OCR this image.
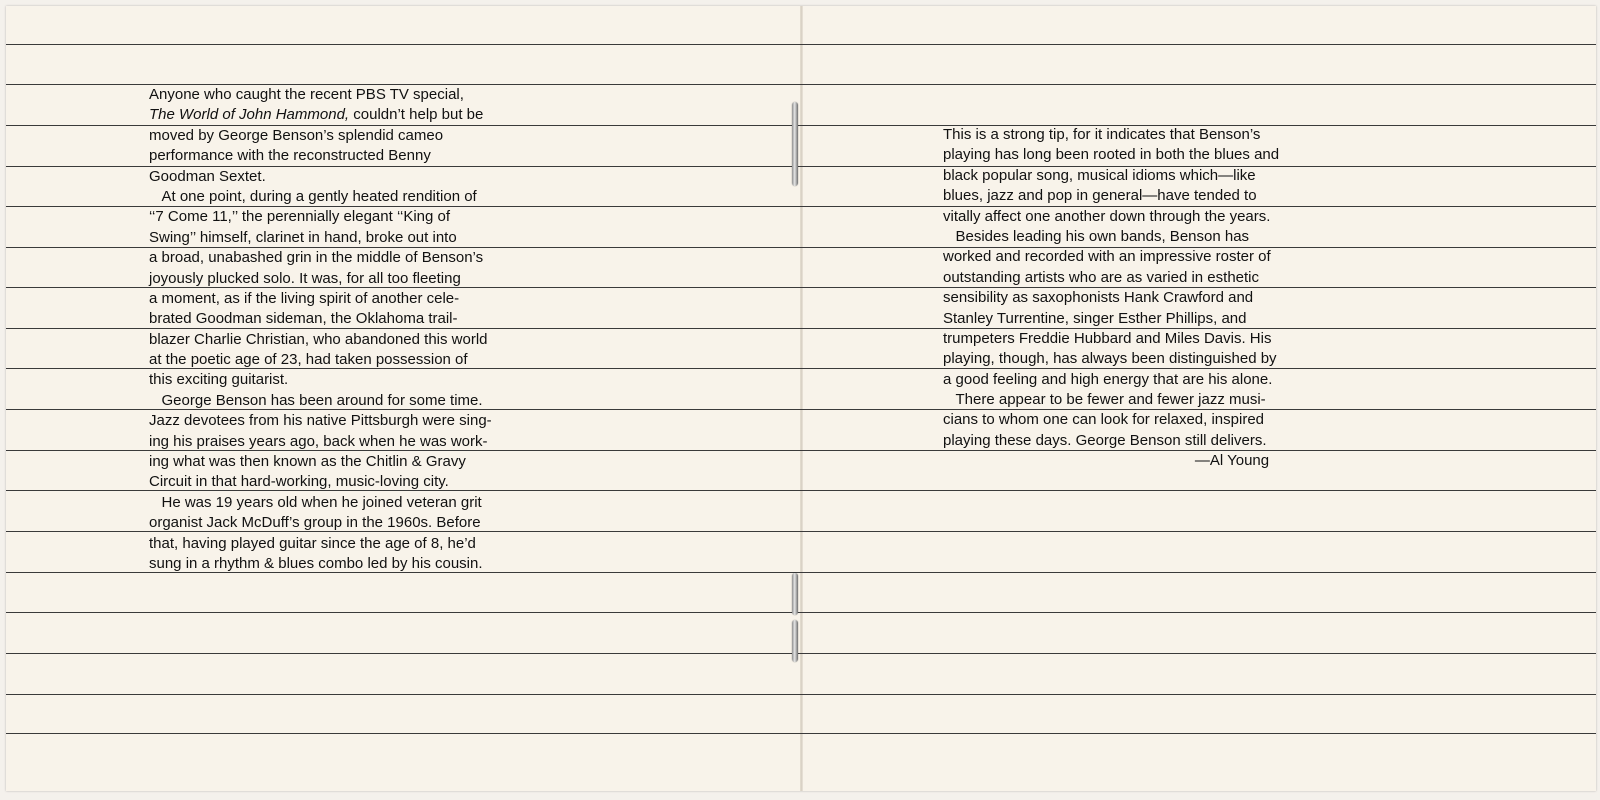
Anyone who caught the recent PBS TV special,
The World of John Hammond, couldn’t help but be
moved by George Benson’s splendid cameo
performance with the reconstructed Benny
Goodman Sextet.
At one point, during a gently heated rendition of
‘‘7 Come 11,’’ the perennially elegant ‘‘King of
Swing’’ himself, clarinet in hand, broke out into
a broad, unabashed grin in the middle of Benson’s
joyously plucked solo. It was, for all too fleeting
a moment, as if the living spirit of another cele-
brated Goodman sideman, the Oklahoma trail-
blazer Charlie Christian, who abandoned this world
at the poetic age of 23, had taken possession of
this exciting guitarist.
George Benson has been around for some time.
Jazz devotees from his native Pittsburgh were sing-
ing his praises years ago, back when he was work-
ing what was then known as the Chitlin & Gravy
Circuit in that hard-working, music-loving city.
He was 19 years old when he joined veteran grit
organist Jack McDuff’s group in the 1960s. Before
that, having played guitar since the age of 8, he’d
sung in a rhythm & blues combo led by his cousin.
This is a strong tip, for it indicates that Benson’s
playing has long been rooted in both the blues and
black popular song, musical idioms which—like
blues, jazz and pop in general—have tended to
vitally affect one another down through the years.
Besides leading his own bands, Benson has
worked and recorded with an impressive roster of
outstanding artists who are as varied in esthetic
sensibility as saxophonists Hank Crawford and
Stanley Turrentine, singer Esther Phillips, and
trumpeters Freddie Hubbard and Miles Davis. His
playing, though, has always been distinguished by
a good feeling and high energy that are his alone.
There appear to be fewer and fewer jazz musi-
cians to whom one can look for relaxed, inspired
playing these days. George Benson still delivers.
—Al Young
